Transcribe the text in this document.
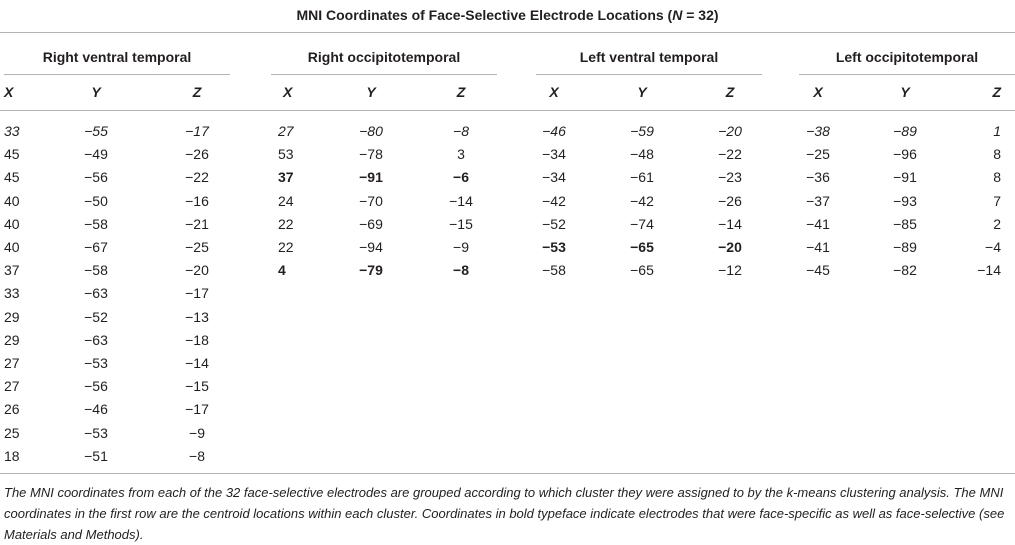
MNI Coordinates of Face-Selective Electrode Locations (N = 32)
Right ventral temporal	Right occipitotemporal	Left ventral temporal	Left occipitotemporal
X	Y	Z	X	Y	Z	X	Y	Z	X	Y	Z
33	−55	−17	27	−80	−8	−46	−59	−20	−38	−89	1
45	−49	−26	53	−78	3	−34	−48	−22	−25	−96	8
45	−56	−22	37	−91	−6	−34	−61	−23	−36	−91	8
40	−50	−16	24	−70	−14	−42	−42	−26	−37	−93	7
40	−58	−21	22	−69	−15	−52	−74	−14	−41	−85	2
40	−67	−25	22	−94	−9	−53	−65	−20	−41	−89	−4
37	−58	−20	4	−79	−8	−58	−65	−12	−45	−82	−14
33	−63	−17
29	−52	−13
29	−63	−18
27	−53	−14
27	−56	−15
26	−46	−17
25	−53	−9
18	−51	−8
The MNI coordinates from each of the 32 face-selective electrodes are grouped according to which cluster they were assigned to by the k-means clustering analysis. The MNI coordinates in the first row are the centroid locations within each cluster. Coordinates in bold typeface indicate electrodes that were face-specific as well as face-selective (see Materials and Methods).
